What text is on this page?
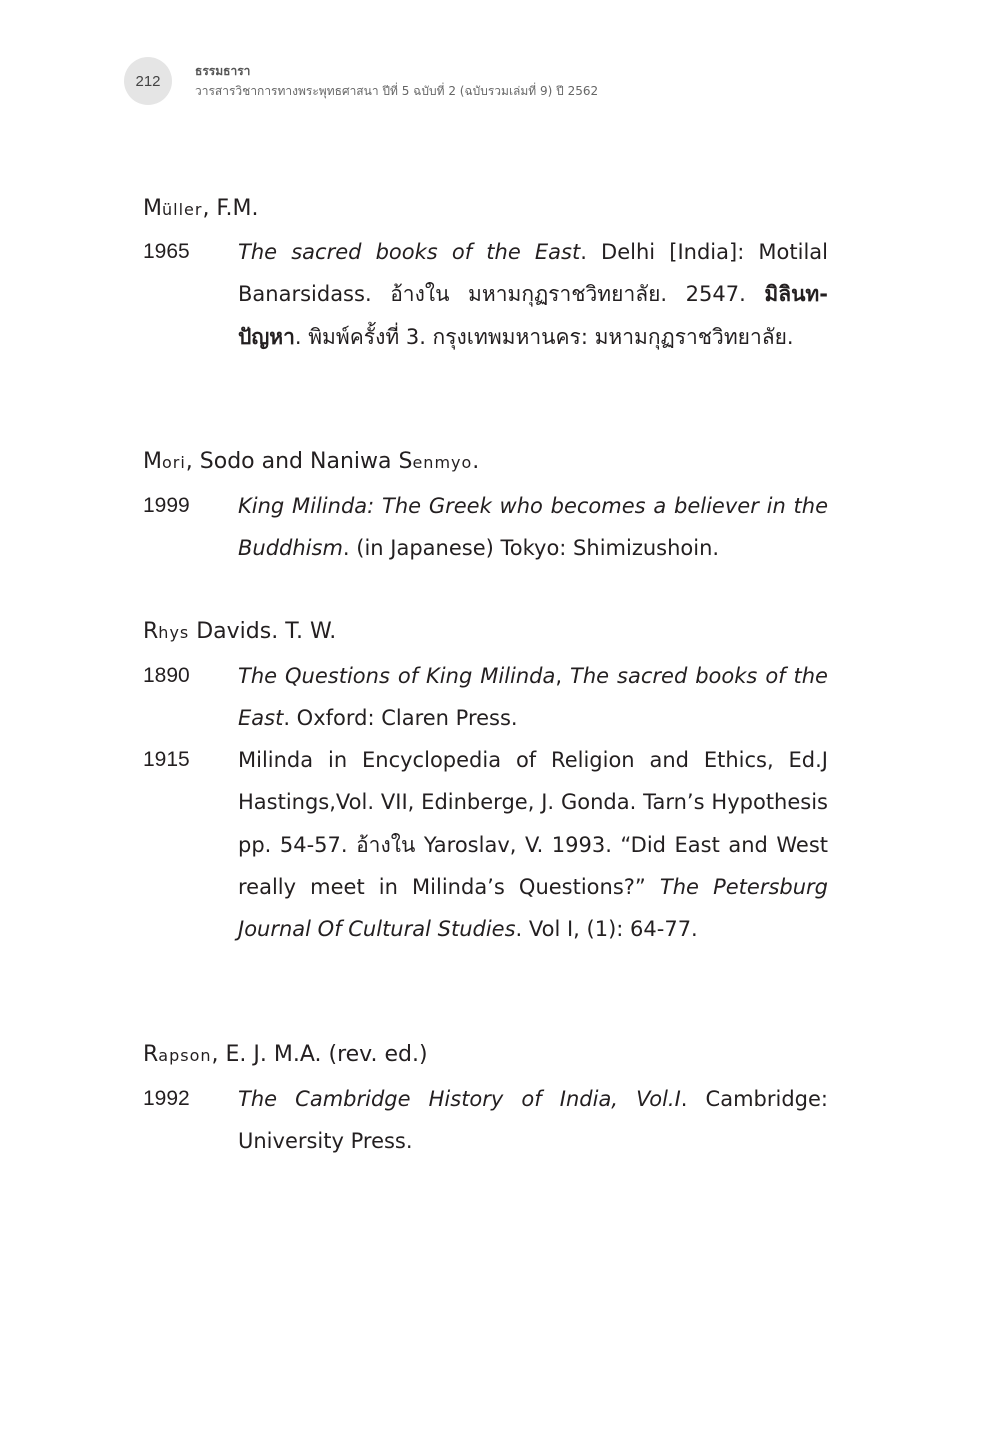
212
ธรรมธารา
วารสารวิชาการทางพระพุทธศาสนา ปีที่ 5 ฉบับที่ 2 (ฉบับรวมเล่มที่ 9) ปี 2562
Müller, F.M.
1965 The sacred books of the East. Delhi [India]: Motilal Banarsidass. อ้างใน มหามกุฏราชวิทยาลัย. 2547. มิลินท-ปัญหา. พิมพ์ครั้งที่ 3. กรุงเทพมหานคร: มหามกุฏราชวิทยาลัย.
Mori, Sodo and Naniwa Senmyo.
1999 King Milinda: The Greek who becomes a believer in the Buddhism. (in Japanese) Tokyo: Shimizushoin.
Rhys Davids. T. W.
1890 The Questions of King Milinda, The sacred books of the East. Oxford: Claren Press.
1915 Milinda in Encyclopedia of Religion and Ethics, Ed.J Hastings,Vol. VII, Edinberge, J. Gonda. Tarn’s Hypothesis pp. 54-57. อ้างใน Yaroslav, V. 1993. “Did East and West really meet in Milinda’s Questions?” The Petersburg Journal Of Cultural Studies. Vol I, (1): 64-77.
Rapson, E. J. M.A. (rev. ed.)
1992 The Cambridge History of India, Vol.I. Cambridge: University Press.
